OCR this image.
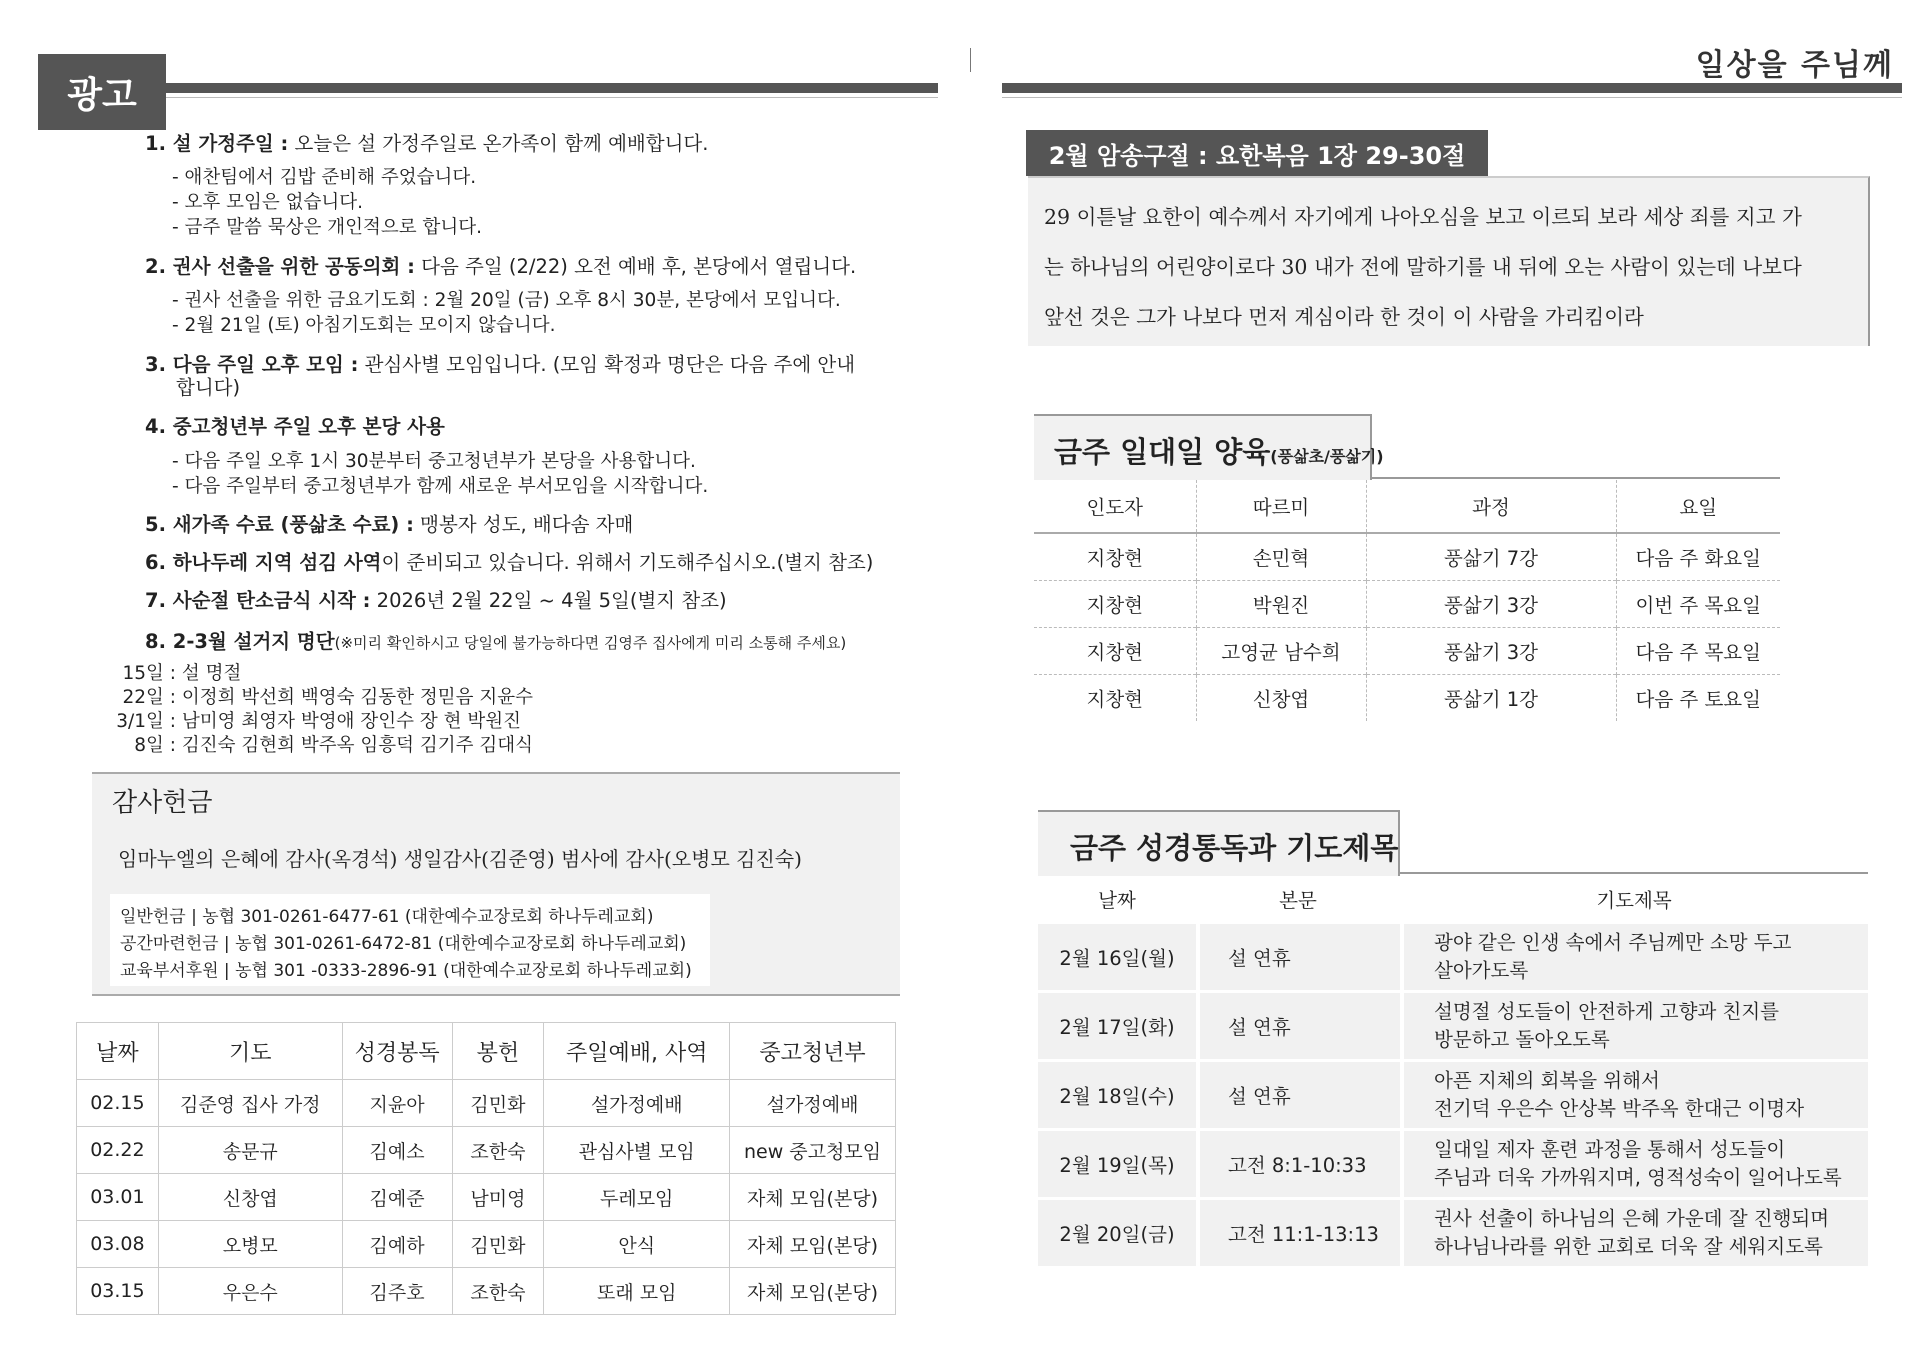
광고
1. 설 가정주일 : 오늘은 설 가정주일로 온가족이 함께 예배합니다.
- 애찬팀에서 김밥 준비해 주었습니다.
- 오후 모임은 없습니다.
- 금주 말씀 묵상은 개인적으로 합니다.
2. 권사 선출을 위한 공동의회 : 다음 주일 (2/22) 오전 예배 후, 본당에서 열립니다.
- 권사 선출을 위한 금요기도회 : 2월 20일 (금) 오후 8시 30분, 본당에서 모입니다.
- 2월 21일 (토) 아침기도회는 모이지 않습니다.
3. 다음 주일 오후 모임 : 관심사별 모임입니다. (모임 확정과 명단은 다음 주에 안내
합니다)
4. 중고청년부 주일 오후 본당 사용
- 다음 주일 오후 1시 30분부터 중고청년부가 본당을 사용합니다.
- 다음 주일부터 중고청년부가 함께 새로운 부서모임을 시작합니다.
5. 새가족 수료 (풍삶초 수료) : 맹봉자 성도, 배다솜 자매
6. 하나두레 지역 섬김 사역이 준비되고 있습니다. 위해서 기도해주십시오.(별지 참조)
7. 사순절 탄소금식 시작 : 2026년 2월 22일 ~ 4월 5일(별지 참조)
8. 2-3월 설거지 명단(※미리 확인하시고 당일에 불가능하다면 김영주 집사에게 미리 소통해 주세요)
15일 : 설 명절
22일 : 이정희 박선희 백영숙 김동한 정믿음 지윤수
3/1일 : 남미영 최영자 박영애 장인수 장 현 박원진
8일 : 김진숙 김현희 박주옥 임흥덕 김기주 김대식
감사헌금
임마누엘의 은혜에 감사(옥경석) 생일감사(김준영) 범사에 감사(오병모 김진숙)
일반헌금 | 농협 301-0261-6477-61 (대한예수교장로회 하나두레교회)
공간마련헌금 | 농협 301-0261-6472-81 (대한예수교장로회 하나두레교회)
교육부서후원 | 농협 301 -0333-2896-91 (대한예수교장로회 하나두레교회)
날짜	기도	성경봉독	봉헌	주일예배, 사역	중고청년부
02.15	김준영 집사 가정	지윤아	김민화	설가정예배	설가정예배
02.22	송문규	김예소	조한숙	관심사별 모임	new 중고청모임
03.01	신창엽	김예준	남미영	두레모임	자체 모임(본당)
03.08	오병모	김예하	김민화	안식	자체 모임(본당)
03.15	우은수	김주호	조한숙	또래 모임	자체 모임(본당)
일상을 주님께
2월 암송구절 : 요한복음 1장 29-30절
29 이튿날 요한이 예수께서 자기에게 나아오심을 보고 이르되 보라 세상 죄를 지고 가
는 하나님의 어린양이로다 30 내가 전에 말하기를 내 뒤에 오는 사람이 있는데 나보다
앞선 것은 그가 나보다 먼저 계심이라 한 것이 이 사람을 가리킴이라
금주 일대일 양육(풍삶초/풍삶기)
인도자	따르미	과정	요일
지창현	손민혁	풍삶기 7강	다음 주 화요일
지창현	박원진	풍삶기 3강	이번 주 목요일
지창현	고영균 남수희	풍삶기 3강	다음 주 목요일
지창현	신창엽	풍삶기 1강	다음 주 토요일
금주 성경통독과 기도제목
날짜	본문	기도제목
2월 16일(월)	설 연휴	광야 같은 인생 속에서 주님께만 소망 두고
살아가도록
2월 17일(화)	설 연휴	설명절 성도들이 안전하게 고향과 친지를
방문하고 돌아오도록
2월 18일(수)	설 연휴	아픈 지체의 회복을 위해서
전기덕 우은수 안상복 박주옥 한대근 이명자
2월 19일(목)	고전 8:1-10:33	일대일 제자 훈련 과정을 통해서 성도들이
주님과 더욱 가까워지며, 영적성숙이 일어나도록
2월 20일(금)	고전 11:1-13:13	권사 선출이 하나님의 은혜 가운데 잘 진행되며
하나님나라를 위한 교회로 더욱 잘 세워지도록
